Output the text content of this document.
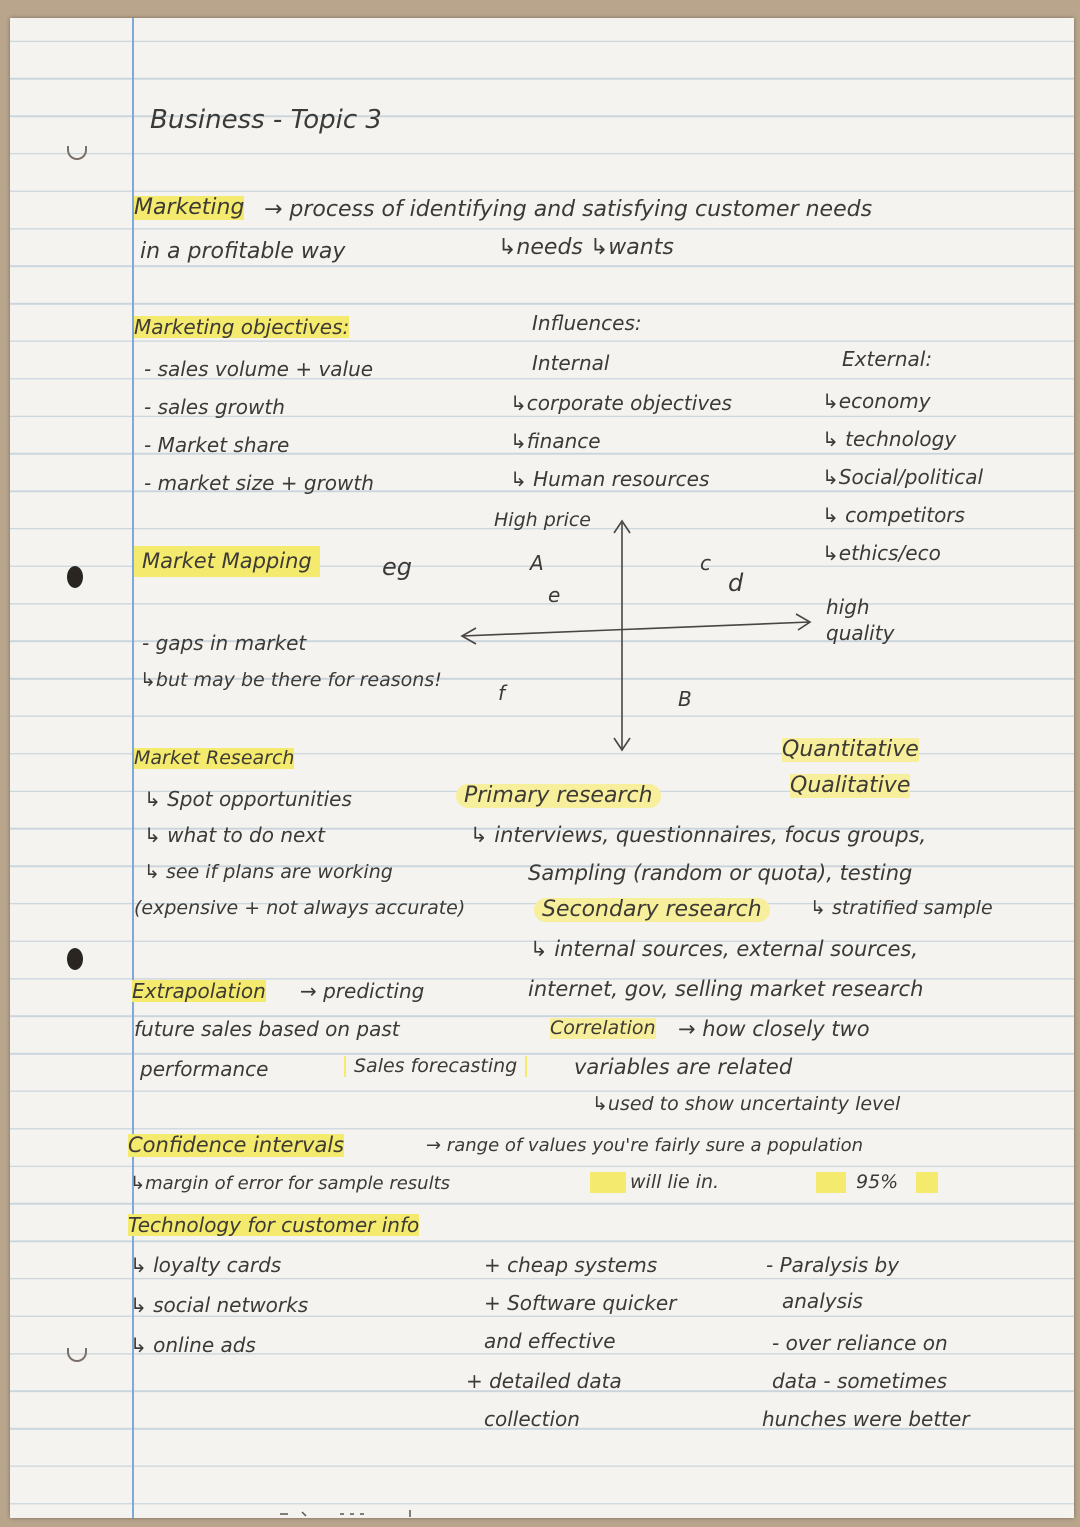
Business - Topic 3
Marketing → process of identifying and satisfying customer needs
in a profitable way	↳needs ↳wants
Marketing objectives:
- sales volume + value
- sales growth
- Market share
- market size + growth
Influences:
Internal
↳corporate objectives
↳finance
↳ Human resources
External:
↳economy
↳ technology
↳Social/political
↳ competitors
↳ethics/eco
Market Mapping	eg
- gaps in market
↳but may be there for reasons!
High price
high
quality
A
e
c
d
f	B
Market Research
↳ Spot opportunities
↳ what to do next
↳ see if plans are working
(expensive + not always accurate)
Quantitative
Qualitative
Primary research
↳ interviews, questionnaires, focus groups,
Sampling (random or quota), testing
Secondary research	↳ stratified sample
↳ internal sources, external sources,
internet, gov, selling market research
Extrapolation → predicting
future sales based on past
performance	Sales forecasting
Correlation → how closely two
variables are related
↳used to show uncertainty level
Confidence intervals	→ range of values you're fairly sure a population
↳margin of error for sample results	will lie in.	95%
Technology for customer info
↳ loyalty cards
↳ social networks
↳ online ads
+ cheap systems
+ Software quicker
and effective
+ detailed data
collection
- Paralysis by
analysis
- over reliance on
data - sometimes
hunches were better
